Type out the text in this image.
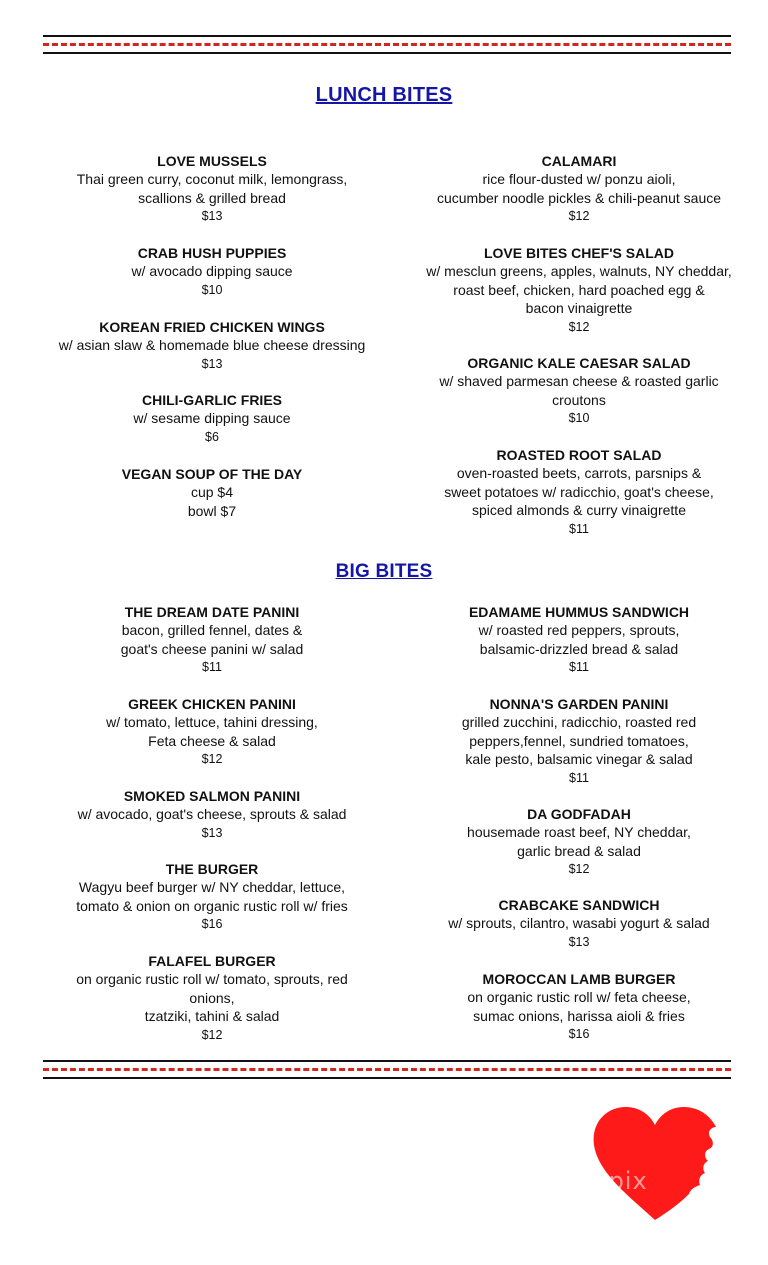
LUNCH BITES
LOVE MUSSELS
Thai green curry, coconut milk, lemongrass,
scallions & grilled bread
$13
CRAB HUSH PUPPIES
w/ avocado dipping sauce
$10
KOREAN FRIED CHICKEN WINGS
w/ asian slaw & homemade blue cheese dressing
$13
CHILI-GARLIC FRIES
w/ sesame dipping sauce
$6
VEGAN SOUP OF THE DAY
cup $4
bowl $7
CALAMARI
rice flour-dusted w/ ponzu aioli,
cucumber noodle pickles & chili-peanut sauce
$12
LOVE BITES CHEF'S SALAD
w/ mesclun greens, apples, walnuts, NY cheddar,
roast beef, chicken, hard poached egg &
bacon vinaigrette
$12
ORGANIC KALE CAESAR SALAD
w/ shaved parmesan cheese & roasted garlic
croutons
$10
ROASTED ROOT SALAD
oven-roasted beets, carrots, parsnips &
sweet potatoes w/ radicchio, goat's cheese,
spiced almonds & curry vinaigrette
$11
BIG BITES
THE DREAM DATE PANINI
bacon, grilled fennel, dates &
goat's cheese panini w/ salad
$11
GREEK CHICKEN PANINI
w/ tomato, lettuce, tahini dressing,
Feta cheese & salad
$12
SMOKED SALMON PANINI
w/ avocado, goat's cheese, sprouts & salad
$13
THE BURGER
Wagyu beef burger w/ NY cheddar, lettuce,
tomato & onion on organic rustic roll w/ fries
$16
FALAFEL BURGER
on organic rustic roll w/ tomato, sprouts, red
onions,
tzatziki, tahini & salad
$12
EDAMAME HUMMUS SANDWICH
w/ roasted red peppers, sprouts,
balsamic-drizzled bread & salad
$11
NONNA'S GARDEN PANINI
grilled zucchini, radicchio, roasted red
peppers,fennel, sundried tomatoes,
kale pesto, balsamic vinegar & salad
$11
DA GODFADAH
housemade roast beef, NY cheddar,
garlic bread & salad
$12
CRABCAKE SANDWICH
w/ sprouts, cilantro, wasabi yogurt & salad
$13
MOROCCAN LAMB BURGER
on organic rustic roll w/ feta cheese,
sumac onions, harissa aioli & fries
$16
menupix
